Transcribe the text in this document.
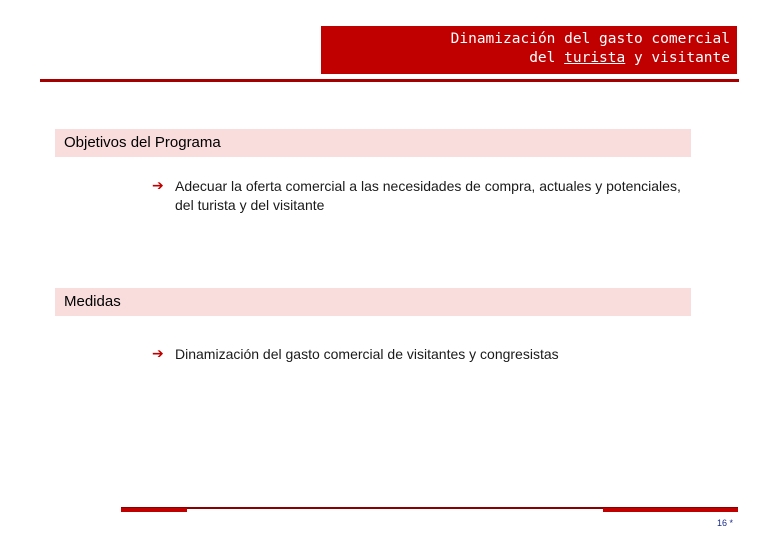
Dinamización del gasto comercial
del turista y visitante
Objetivos del Programa
➔ Adecuar la oferta comercial a las necesidades de compra, actuales y potenciales, del turista y del visitante
Medidas
➔ Dinamización del gasto comercial de visitantes y congresistas
16 *
